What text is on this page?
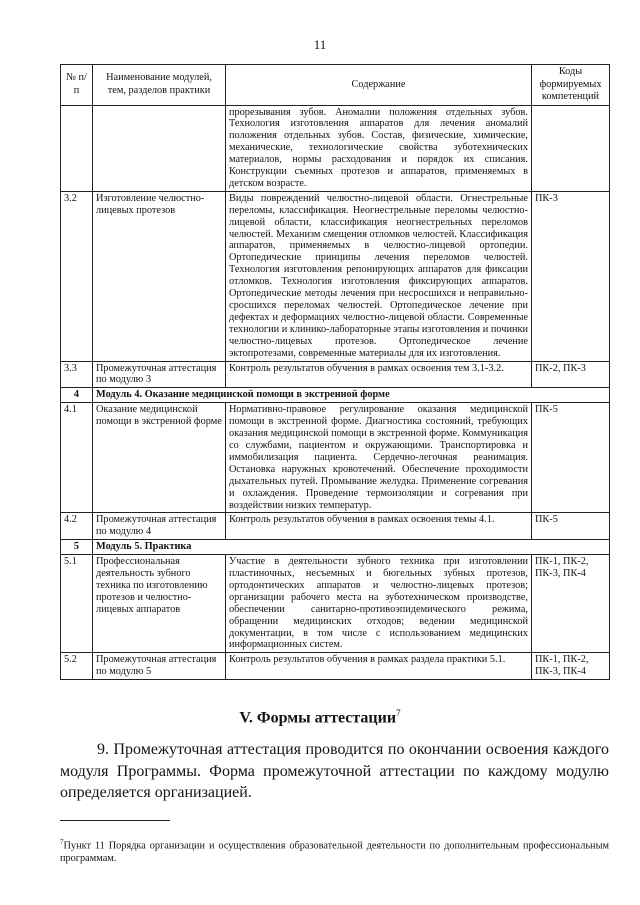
11
№ п/п	Наименование модулей, тем, разделов практики	Содержание	Коды формируемых компетенций
		прорезывания зубов. Аномалии положения отдельных зубов. Технология изготовления аппаратов для лечения аномалий положения отдельных зубов. Состав, физические, химические, механические, технологические свойства зуботехнических материалов, нормы расходования и порядок их списания. Конструкции съемных протезов и аппаратов, применяемых в детском возрасте.	
3.2	Изготовление челюстно-лицевых протезов	Виды повреждений челюстно-лицевой области. Огнестрельные переломы, классификация. Неогнестрельные переломы челюстно-лицевой области, классификация неогнестрельных переломов челюстей. Механизм смещения отломков челюстей. Классификация аппаратов, применяемых в челюстно-лицевой ортопедии. Ортопедические принципы лечения переломов челюстей. Технология изготовления репонирующих аппаратов для фиксации отломков. Технология изготовления фиксирующих аппаратов. Ортопедические методы лечения при несросшихся и неправильно-сросшихся переломах челюстей. Ортопедическое лечение при дефектах и деформациях челюстно-лицевой области. Современные технологии и клинико-лабораторные этапы изготовления и починки челюстно-лицевых протезов. Ортопедическое лечение эктопротезами, современные материалы для их изготовления.	ПК-3
3.3	Промежуточная аттестация по модулю 3	Контроль результатов обучения в рамках освоения тем 3.1-3.2.	ПК-2, ПК-3
4	Модуль 4. Оказание медицинской помощи в экстренной форме		
4.1	Оказание медицинской помощи в экстренной форме	Нормативно-правовое регулирование оказания медицинской помощи в экстренной форме. Диагностика состояний, требующих оказания медицинской помощи в экстренной форме. Коммуникация со службами, пациентом и окружающими. Транспортировка и иммобилизация пациента. Сердечно-легочная реанимация. Остановка наружных кровотечений. Обеспечение проходимости дыхательных путей. Промывание желудка. Применение согревания и охлаждения. Проведение термоизоляции и согревания при воздействии низких температур.	ПК-5
4.2	Промежуточная аттестация по модулю 4	Контроль результатов обучения в рамках освоения темы 4.1.	ПК-5
5	Модуль 5. Практика		
5.1	Профессиональная деятельность зубного техника по изготовлению протезов и челюстно-лицевых аппаратов	Участие в деятельности зубного техника при изготовлении пластиночных, несъемных и бюгельных зубных протезов, ортодонтических аппаратов и челюстно-лицевых протезов; организации рабочего места на зуботехническом производстве, обеспечении санитарно-противоэпидемического режима, обращении медицинских отходов; ведении медицинской документации, в том числе с использованием медицинских информационных систем.	ПК-1, ПК-2, ПК-3, ПК-4
5.2	Промежуточная аттестация по модулю 5	Контроль результатов обучения в рамках раздела практики 5.1.	ПК-1, ПК-2, ПК-3, ПК-4
V. Формы аттестации$^7$
9. Промежуточная аттестация проводится по окончании освоения каждого модуля Программы. Форма промежуточной аттестации по каждому модулю определяется организацией.
$^7$Пункт 11 Порядка организации и осуществления образовательной деятельности по дополнительным профессиональным программам.
